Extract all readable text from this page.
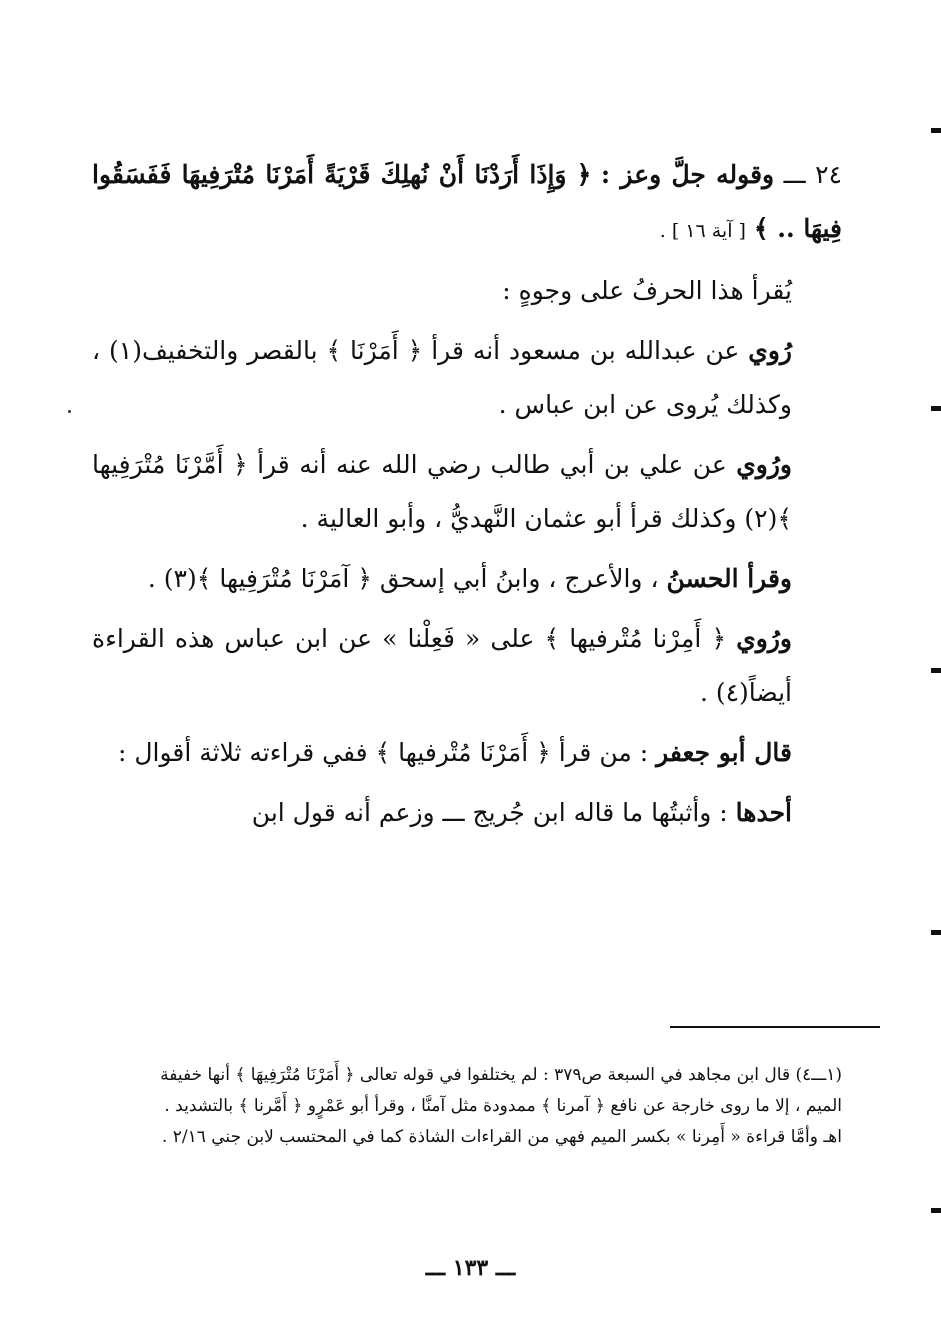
٢٤ ـــ وقوله جلَّ وعز : ﴿ وَإِذَا أَرَدْنَا أَنْ نُهلِكَ قَرْيَةً أَمَرْنَا مُتْرَفِيهَا فَفَسَقُوا فِيهَا .. ﴾ [ آية ١٦ ] .

يُقرأ هذا الحرفُ على وجوهٍ :

رُوي عن عبدالله بن مسعود أنه قرأ ﴿ أَمَرْنَا ﴾ بالقصر والتخفيف(١) ، وكذلك يُروى عن ابن عباس .

ورُوي عن علي بن أبي طالب رضي الله عنه أنه قرأ ﴿ أَمَّرْنَا مُتْرَفِيها ﴾(٢) وكذلك قرأ أبو عثمان النَّهديُّ ، وأبو العالية .

وقرأ الحسنُ ، والأعرج ، وابنُ أبي إسحق ﴿ آمَرْنَا مُتْرَفِيها ﴾(٣) .

ورُوي ﴿ أَمِرْنا مُتْرفيها ﴾ على « فَعِلْنا » عن ابن عباس هذه القراءة أيضاً(٤) .

قال أبو جعفر : من قرأ ﴿ أَمَرْنَا مُتْرفيها ﴾ ففي قراءته ثلاثة أقوال :

أحدها : وأثبتُها ما قاله ابن جُريج ـــ وزعم أنه قول ابن

(١ـــ٤) قال ابن مجاهد في السبعة ص٣٧٩ : لم يختلفوا في قوله تعالى ﴿ أَمَرْنَا مُتْرَفِيهَا ﴾ أنها خفيفة

الميم ، إلا ما روى خارجة عن نافع ﴿ آمرنا ﴾ ممدودة مثل آمنَّا ، وقرأ أبو عَمْرٍو ﴿ أَمَّرنا ﴾ بالتشديد .

اهـ وأمَّا قراءة « أَمِرنا » بكسر الميم فهي من القراءات الشاذة كما في المحتسب لابن جني ٢/١٦ .

ـــ ١٣٣ ـــ
